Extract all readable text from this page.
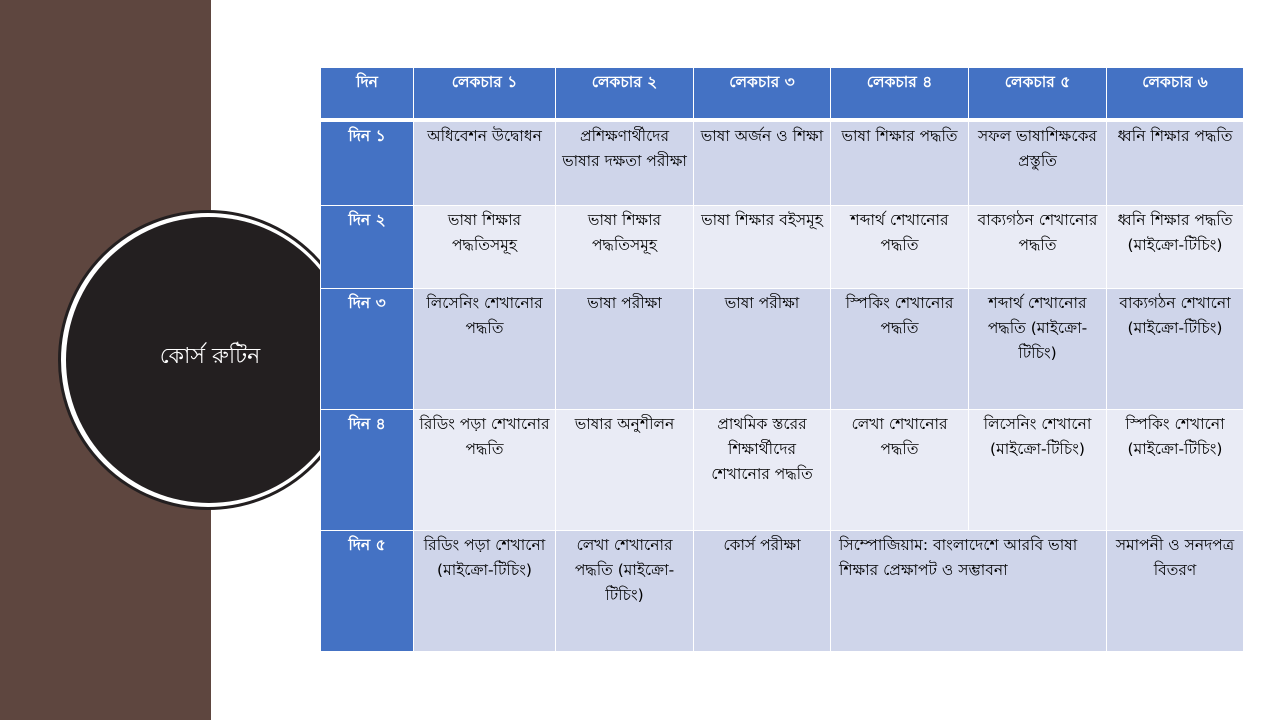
কোর্স রুটিন
দিন	লেকচার ১	লেকচার ২	লেকচার ৩	লেকচার ৪	লেকচার ৫	লেকচার ৬
দিন ১	অধিবেশন উদ্বোধন	প্রশিক্ষণার্থীদের ভাষার দক্ষতা পরীক্ষা	ভাষা অর্জন ও শিক্ষা	ভাষা শিক্ষার পদ্ধতি	সফল ভাষাশিক্ষকের প্রস্তুতি	ধ্বনি শিক্ষার পদ্ধতি
দিন ২	ভাষা শিক্ষার পদ্ধতিসমূহ	ভাষা শিক্ষার পদ্ধতিসমূহ	ভাষা শিক্ষার বইসমূহ	শব্দার্থ শেখানোর পদ্ধতি	বাক্যগঠন শেখানোর পদ্ধতি	ধ্বনি শিক্ষার পদ্ধতি (মাইক্রো-টিচিং)
দিন ৩	লিসেনিং শেখানোর পদ্ধতি	ভাষা পরীক্ষা	ভাষা পরীক্ষা	স্পিকিং শেখানোর পদ্ধতি	শব্দার্থ শেখানোর পদ্ধতি (মাইক্রো-টিচিং)	বাক্যগঠন শেখানো (মাইক্রো-টিচিং)
দিন ৪	রিডিং পড়া শেখানোর পদ্ধতি	ভাষার অনুশীলন	প্রাথমিক স্তরের শিক্ষার্থীদের শেখানোর পদ্ধতি	লেখা শেখানোর পদ্ধতি	লিসেনিং শেখানো (মাইক্রো-টিচিং)	স্পিকিং শেখানো (মাইক্রো-টিচিং)
দিন ৫	রিডিং পড়া শেখানো (মাইক্রো-টিচিং)	লেখা শেখানোর পদ্ধতি (মাইক্রো-টিচিং)	কোর্স পরীক্ষা	সিম্পোজিয়াম: বাংলাদেশে আরবি ভাষা শিক্ষার প্রেক্ষাপট ও সম্ভাবনা		সমাপনী ও সনদপত্র বিতরণ
